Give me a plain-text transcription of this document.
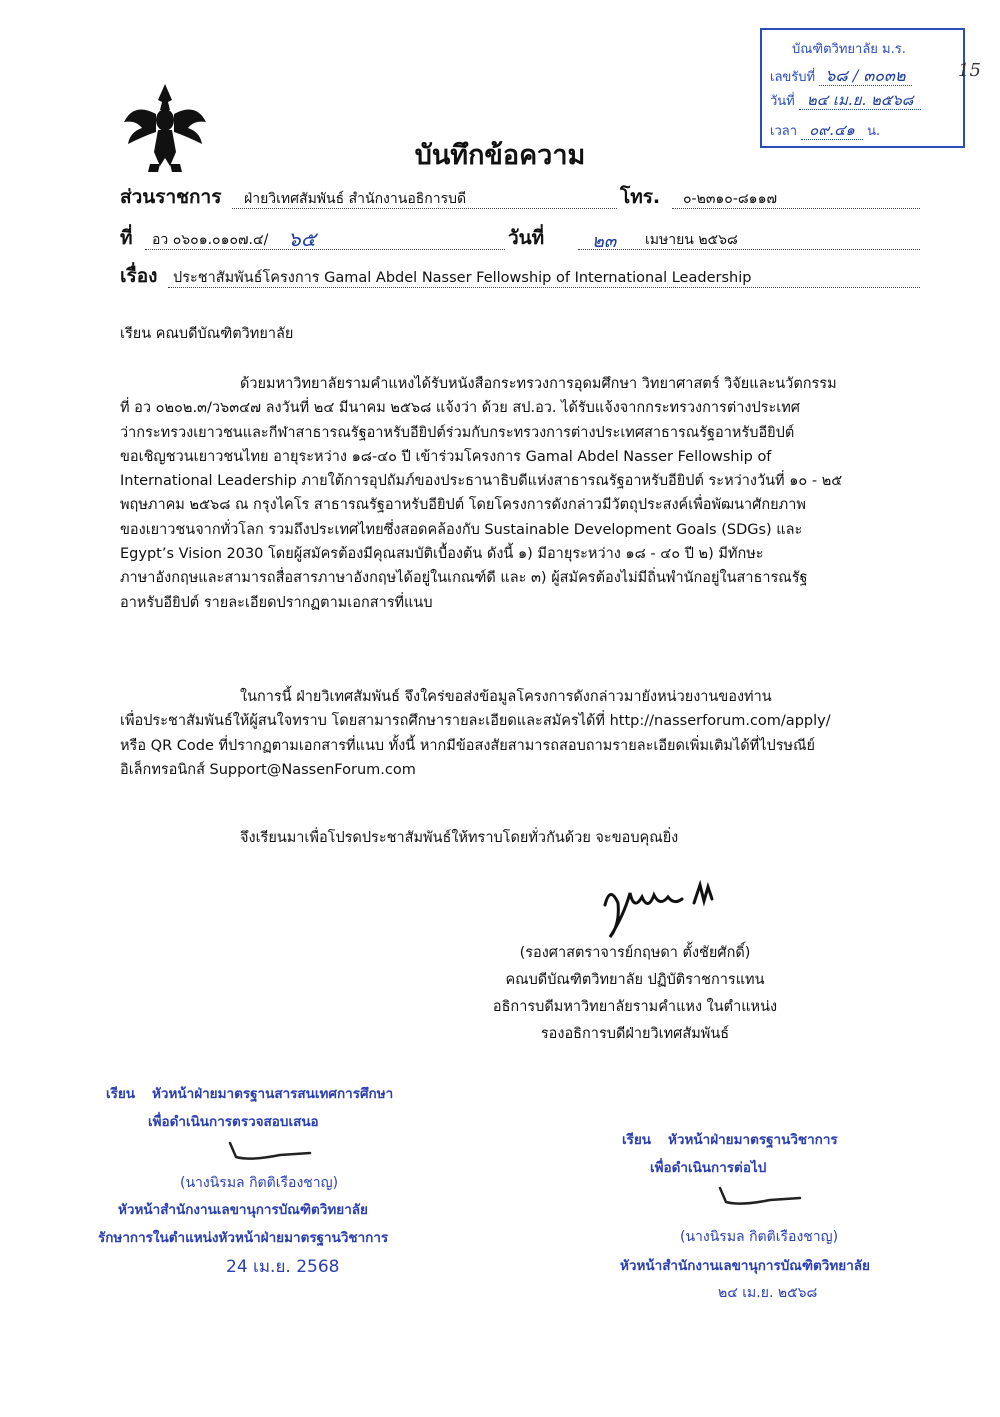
บัณฑิตวิทยาลัย ม.ร.
เลขรับที่ ๖๘ / ๓๐๓๒
วันที่ ๒๔ เม.ย. ๒๕๖๘
เวลา ๐๙.๔๑ น.
15
บันทึกข้อความ
ส่วนราชการ ฝ่ายวิเทศสัมพันธ์ สำนักงานอธิการบดี	โทร. ๐-๒๓๑๐-๘๑๑๗
ที่ อว ๐๖๐๑.๐๑๐๗.๔/ ๖๕	วันที่	๒๓ เมษายน ๒๕๖๘
เรื่อง ประชาสัมพันธ์โครงการ Gamal Abdel Nasser Fellowship of International Leadership
เรียน คณบดีบัณฑิตวิทยาลัย
ด้วยมหาวิทยาลัยรามคำแหงได้รับหนังสือกระทรวงการอุดมศึกษา วิทยาศาสตร์ วิจัยและนวัตกรรม
ที่ อว ๐๒๐๒.๓/ว๖๓๔๗ ลงวันที่ ๒๔ มีนาคม ๒๕๖๘ แจ้งว่า ด้วย สป.อว. ได้รับแจ้งจากกระทรวงการต่างประเทศ
ว่ากระทรวงเยาวชนและกีฬาสาธารณรัฐอาหรับอียิปต์ร่วมกับกระทรวงการต่างประเทศสาธารณรัฐอาหรับอียิปต์
ขอเชิญชวนเยาวชนไทย อายุระหว่าง ๑๘-๔๐ ปี เข้าร่วมโครงการ Gamal Abdel Nasser Fellowship of
International Leadership ภายใต้การอุปถัมภ์ของประธานาธิบดีแห่งสาธารณรัฐอาหรับอียิปต์ ระหว่างวันที่ ๑๐ - ๒๕
พฤษภาคม ๒๕๖๘ ณ กรุงไคโร สาธารณรัฐอาหรับอียิปต์ โดยโครงการดังกล่าวมีวัตถุประสงค์เพื่อพัฒนาศักยภาพ
ของเยาวชนจากทั่วโลก รวมถึงประเทศไทยซึ่งสอดคล้องกับ Sustainable Development Goals (SDGs) และ
Egypt’s Vision 2030 โดยผู้สมัครต้องมีคุณสมบัติเบื้องต้น ดังนี้ ๑) มีอายุระหว่าง ๑๘ - ๔๐ ปี ๒) มีทักษะ
ภาษาอังกฤษและสามารถสื่อสารภาษาอังกฤษได้อยู่ในเกณฑ์ดี และ ๓) ผู้สมัครต้องไม่มีถิ่นพำนักอยู่ในสาธารณรัฐ
อาหรับอียิปต์ รายละเอียดปรากฏตามเอกสารที่แนบ
ในการนี้ ฝ่ายวิเทศสัมพันธ์ จึงใคร่ขอส่งข้อมูลโครงการดังกล่าวมายังหน่วยงานของท่าน
เพื่อประชาสัมพันธ์ให้ผู้สนใจทราบ โดยสามารถศึกษารายละเอียดและสมัครได้ที่ http://nasserforum.com/apply/
หรือ QR Code ที่ปรากฏตามเอกสารที่แนบ ทั้งนี้ หากมีข้อสงสัยสามารถสอบถามรายละเอียดเพิ่มเติมได้ที่ไปรษณีย์
อิเล็กทรอนิกส์ Support@NassenForum.com
จึงเรียนมาเพื่อโปรดประชาสัมพันธ์ให้ทราบโดยทั่วกันด้วย จะขอบคุณยิ่ง
(รองศาสตราจารย์กฤษดา ตั้งชัยศักดิ์)
คณบดีบัณฑิตวิทยาลัย ปฏิบัติราชการแทน
อธิการบดีมหาวิทยาลัยรามคำแหง ในตำแหน่ง
รองอธิการบดีฝ่ายวิเทศสัมพันธ์
เรียน หัวหน้าฝ่ายมาตรฐานสารสนเทศการศึกษา
เพื่อดำเนินการตรวจสอบเสนอ
(นางนิรมล กิตติเรืองชาญ)
หัวหน้าสำนักงานเลขานุการบัณฑิตวิทยาลัย
รักษาการในตำแหน่งหัวหน้าฝ่ายมาตรฐานวิชาการ
24 เม.ย. 2568
เรียน หัวหน้าฝ่ายมาตรฐานวิชาการ
เพื่อดำเนินการต่อไป
(นางนิรมล กิตติเรืองชาญ)
หัวหน้าสำนักงานเลขานุการบัณฑิตวิทยาลัย
๒๔ เม.ย. ๒๕๖๘
